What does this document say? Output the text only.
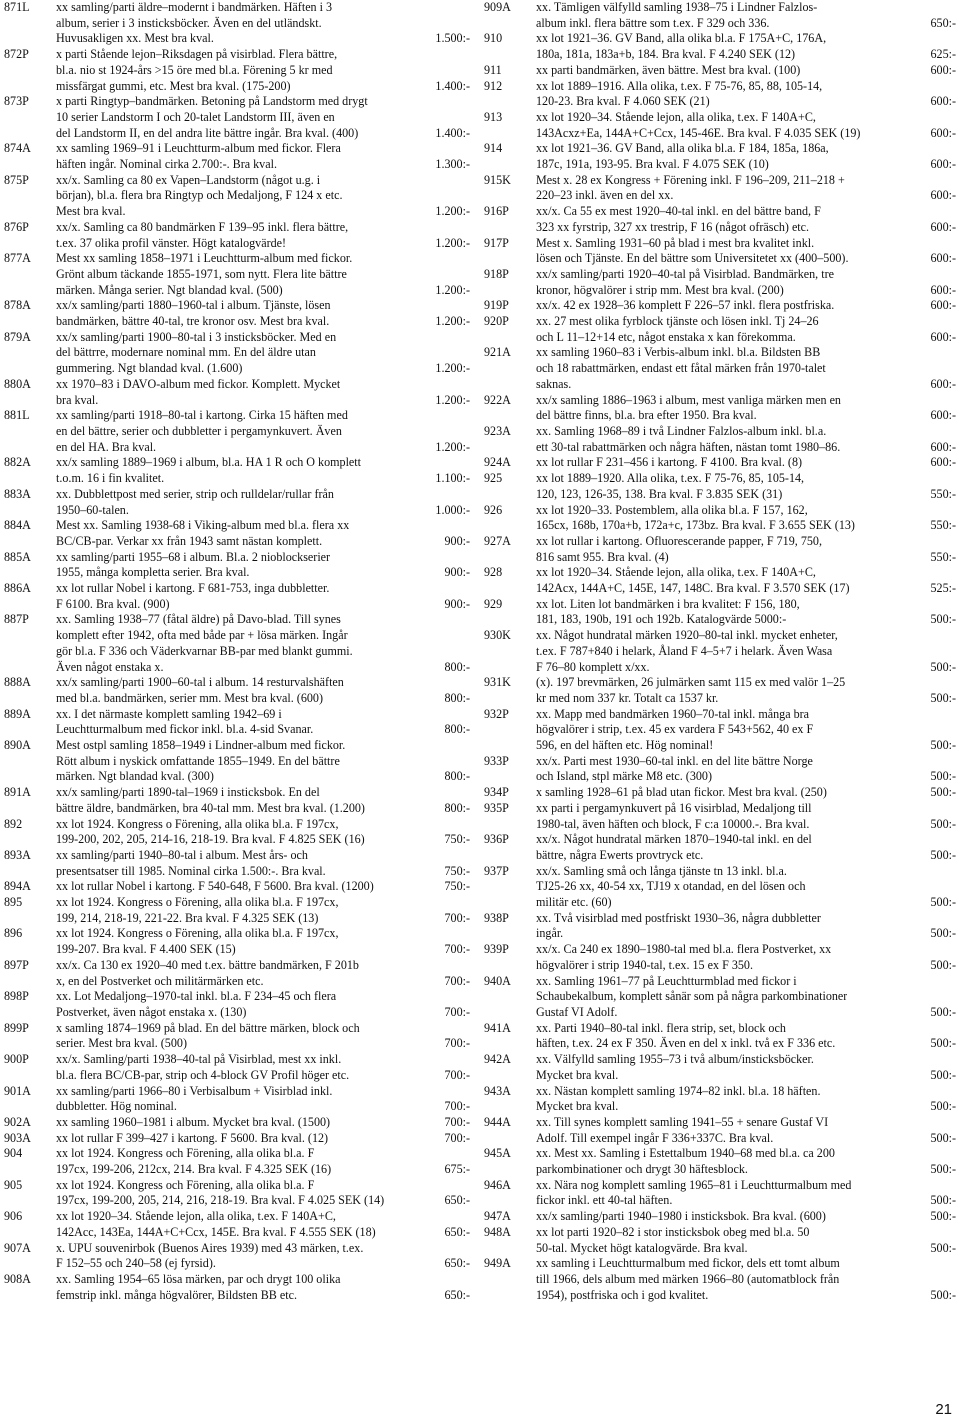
871L	xx samling/parti äldre–modernt i bandmärken. Häften i 3
album, serier i 3 insticksböcker. Även en del utländskt.
Huvusakligen xx. Mest bra kval.	1.500:-
872P	x parti Stående lejon–Riksdagen på visirblad. Flera bättre,
bl.a. nio st 1924-års >15 öre med bl.a. Förening 5 kr med
missfärgat gummi, etc. Mest bra kval. (175-200)	1.400:-
873P	x parti Ringtyp–bandmärken. Betoning på Landstorm med drygt
10 serier Landstorm I och 20-talet Landstorm III, även en
del Landstorm II, en del andra lite bättre ingår. Bra kval. (400)	1.400:-
874A	xx samling 1969–91 i Leuchtturm-album med fickor. Flera
häften ingår. Nominal cirka 2.700:-. Bra kval.	1.300:-
875P	xx/x. Samling ca 80 ex Vapen–Landstorm (något u.g. i
början), bl.a. flera bra Ringtyp och Medaljong, F 124 x etc.
Mest bra kval.	1.200:-
876P	xx/x. Samling ca 80 bandmärken F 139–95 inkl. flera bättre,
t.ex. 37 olika profil vänster. Högt katalogvärde!	1.200:-
877A	Mest xx samling 1858–1971 i Leuchtturm-album med fickor.
Grönt album täckande 1855-1971, som nytt. Flera lite bättre
märken. Många serier. Ngt blandad kval. (500)	1.200:-
878A	xx/x samling/parti 1880–1960-tal i album. Tjänste, lösen
bandmärken, bättre 40-tal, tre kronor osv. Mest bra kval.	1.200:-
879A	xx/x samling/parti 1900–80-tal i 3 insticksböcker. Med en
del bättrre, modernare nominal mm. En del äldre utan
gummering. Ngt blandad kval. (1.600)	1.200:-
880A	xx 1970–83 i DAVO-album med fickor. Komplett. Mycket
bra kval.	1.200:-
881L	xx samling/parti 1918–80-tal i kartong. Cirka 15 häften med
en del bättre, serier och dubbletter i pergamynkuvert. Även
en del HA. Bra kval.	1.200:-
882A	xx/x samling 1889–1969 i album, bl.a. HA 1 R och O komplett
t.o.m. 16 i fin kvalitet.	1.100:-
883A	xx. Dubblettpost med serier, strip och rulldelar/rullar från
1950–60-talen.	1.000:-
884A	Mest xx. Samling 1938-68 i Viking-album med bl.a. flera xx
BC/CB-par. Verkar xx från 1943 samt nästan komplett.	900:-
885A	xx samling/parti 1955–68 i album. Bl.a. 2 nioblockserier
1955, många kompletta serier. Bra kval.	900:-
886A	xx lot rullar Nobel i kartong. F 681-753, inga dubbletter.
F 6100. Bra kval. (900)	900:-
887P	xx. Samling 1938–77 (fåtal äldre) på Davo-blad. Till synes
komplett efter 1942, ofta med både par + lösa märken. Ingår
gör bl.a. F 336 och Väderkvarnar BB-par med blankt gummi.
Även något enstaka x.	800:-
888A	xx/x samling/parti 1900–60-tal i album. 14 resturvalshäften
med bl.a. bandmärken, serier mm. Mest bra kval. (600)	800:-
889A	xx. I det närmaste komplett samling 1942–69 i
Leuchtturmalbum med fickor inkl. bl.a. 4-sid Svanar.	800:-
890A	Mest ostpl samling 1858–1949 i Lindner-album med fickor.
Rött album i nyskick omfattande 1855–1949. En del bättre
märken. Ngt blandad kval. (300)	800:-
891A	xx/x samling/parti 1890-tal–1969 i insticksbok. En del
bättre äldre, bandmärken, bra 40-tal mm. Mest bra kval. (1.200)	800:-
892	xx lot 1924. Kongress o Förening, alla olika bl.a. F 197cx,
199-200, 202, 205, 214-16, 218-19. Bra kval. F 4.825 SEK (16)	750:-
893A	xx samling/parti 1940–80-tal i album. Mest års- och
presentsatser till 1985. Nominal cirka 1.500:-. Bra kval.	750:-
894A	xx lot rullar Nobel i kartong. F 540-648, F 5600. Bra kval. (1200)	750:-
895	xx lot 1924. Kongress o Förening, alla olika bl.a. F 197cx,
199, 214, 218-19, 221-22. Bra kval. F 4.325 SEK (13)	700:-
896	xx lot 1924. Kongress o Förening, alla olika bl.a. F 197cx,
199-207. Bra kval. F 4.400 SEK (15)	700:-
897P	xx/x. Ca 130 ex 1920–40 med t.ex. bättre bandmärken, F 201b
x, en del Postverket och militärmärken etc.	700:-
898P	xx. Lot Medaljong–1970-tal inkl. bl.a. F 234–45 och flera
Postverket, även något enstaka x. (130)	700:-
899P	x samling 1874–1969 på blad. En del bättre märken, block och
serier. Mest bra kval. (500)	700:-
900P	xx/x. Samling/parti 1938–40-tal på Visirblad, mest xx inkl.
bl.a. flera BC/CB-par, strip och 4-block GV Profil höger etc.	700:-
901A	xx samling/parti 1966–80 i Verbisalbum + Visirblad inkl.
dubbletter. Hög nominal.	700:-
902A	xx samling 1960–1981 i album. Mycket bra kval. (1500)	700:-
903A	xx lot rullar F 399–427 i kartong. F 5600. Bra kval. (12)	700:-
904	xx lot 1924. Kongress och Förening, alla olika bl.a. F
197cx, 199-206, 212cx, 214. Bra kval. F 4.325 SEK (16)	675:-
905	xx lot 1924. Kongress och Förening, alla olika bl.a. F
197cx, 199-200, 205, 214, 216, 218-19. Bra kval. F 4.025 SEK (14)	650:-
906	xx lot 1920–34. Stående lejon, alla olika, t.ex. F 140A+C,
142Acc, 143Ea, 144A+C+Ccx, 145E. Bra kval. F 4.555 SEK (18)	650:-
907A	x. UPU souvenirbok (Buenos Aires 1939) med 43 märken, t.ex.
F 152–55 och 240–58 (ej fyrsid).	650:-
908A	xx. Samling 1954–65 lösa märken, par och drygt 100 olika
femstrip inkl. många högvalörer, Bildsten BB etc.	650:-
909A	xx. Tämligen välfylld samling 1938–75 i Lindner Falzlos-
album inkl. flera bättre som t.ex. F 329 och 336.	650:-
910	xx lot 1921–36. GV Band, alla olika bl.a. F 175A+C, 176A,
180a, 181a, 183a+b, 184. Bra kval. F 4.240 SEK (12)	625:-
911	xx parti bandmärken, även bättre. Mest bra kval. (100)	600:-
912	xx lot 1889–1916. Alla olika, t.ex. F 75-76, 85, 88, 105-14,
120-23. Bra kval. F 4.060 SEK (21)	600:-
913	xx lot 1920–34. Stående lejon, alla olika, t.ex. F 140A+C,
143Acxz+Ea, 144A+C+Ccx, 145-46E. Bra kval. F 4.035 SEK (19)	600:-
914	xx lot 1921–36. GV Band, alla olika bl.a. F 184, 185a, 186a,
187c, 191a, 193-95. Bra kval. F 4.075 SEK (10)	600:-
915K	Mest x. 28 ex Kongress + Förening inkl. F 196–209, 211–218 +
220–23 inkl. även en del xx.	600:-
916P	xx/x. Ca 55 ex mest 1920–40-tal inkl. en del bättre band, F
323 xx fyrstrip, 327 xx trestrip, F 16 (något ofräsch) etc.	600:-
917P	Mest x. Samling 1931–60 på blad i mest bra kvalitet inkl.
lösen och Tjänste. En del bättre som Universitetet xx (400–500).	600:-
918P	xx/x samling/parti 1920–40-tal på Visirblad. Bandmärken, tre
kronor, högvalörer i strip mm. Mest bra kval. (200)	600:-
919P	xx/x. 42 ex 1928–36 komplett F 226–57 inkl. flera postfriska.	600:-
920P	xx. 27 mest olika fyrblock tjänste och lösen inkl. Tj 24–26
och L 11–12+14 etc, något enstaka x kan förekomma.	600:-
921A	xx samling 1960–83 i Verbis-album inkl. bl.a. Bildsten BB
och 18 rabattmärken, endast ett fåtal märken från 1970-talet
saknas.	600:-
922A	xx/x samling 1886–1963 i album, mest vanliga märken men en
del bättre finns, bl.a. bra efter 1950. Bra kval.	600:-
923A	xx. Samling 1968–89 i två Lindner Falzlos-album inkl. bl.a.
ett 30-tal rabattmärken och några häften, nästan tomt 1980–86.	600:-
924A	xx lot rullar F 231–456 i kartong. F 4100. Bra kval. (8)	600:-
925	xx lot 1889–1920. Alla olika, t.ex. F 75-76, 85, 105-14,
120, 123, 126-35, 138. Bra kval. F 3.835 SEK (31)	550:-
926	xx lot 1920–33. Postemblem, alla olika bl.a. F 157, 162,
165cx, 168b, 170a+b, 172a+c, 173bz. Bra kval. F 3.655 SEK (13)	550:-
927A	xx lot rullar i kartong. Ofluorescerande papper, F 719, 750,
816 samt 955. Bra kval. (4)	550:-
928	xx lot 1920–34. Stående lejon, alla olika, t.ex. F 140A+C,
142Acx, 144A+C, 145E, 147, 148C. Bra kval. F 3.570 SEK (17)	525:-
929	xx lot. Liten lot bandmärken i bra kvalitet: F 156, 180,
181, 183, 190b, 191 och 192b. Katalogvärde 5000:-	500:-
930K	xx. Något hundratal märken 1920–80-tal inkl. mycket enheter,
t.ex. F 787+840 i helark, Åland F 4–5+7 i helark. Även Wasa
F 76–80 komplett x/xx.	500:-
931K	(x). 197 brevmärken, 26 julmärken samt 115 ex med valör 1–25
kr med nom 337 kr. Totalt ca 1537 kr.	500:-
932P	xx. Mapp med bandmärken 1960–70-tal inkl. många bra
högvalörer i strip, t.ex. 45 ex vardera F 543+562, 40 ex F
596, en del häften etc. Hög nominal!	500:-
933P	xx/x. Parti mest 1930–60-tal inkl. en del lite bättre Norge
och Island, stpl märke M8 etc. (300)	500:-
934P	x samling 1928–61 på blad utan fickor. Mest bra kval. (250)	500:-
935P	xx parti i pergamynkuvert på 16 visirblad, Medaljong till
1980-tal, även häften och block, F c:a 10000.-. Bra kval.	500:-
936P	xx/x. Något hundratal märken 1870–1940-tal inkl. en del
bättre, några Ewerts provtryck etc.	500:-
937P	xx/x. Samling små och långa tjänste tn 13 inkl. bl.a.
TJ25-26 xx, 40-54 xx, TJ19 x otandad, en del lösen och
militär etc. (60)	500:-
938P	xx. Två visirblad med postfriskt 1930–36, några dubbletter
ingår.	500:-
939P	xx/x. Ca 240 ex 1890–1980-tal med bl.a. flera Postverket, xx
högvalörer i strip 1940-tal, t.ex. 15 ex F 350.	500:-
940A	xx. Samling 1961–77 på Leuchtturmblad med fickor i
Schaubekalbum, komplett sånär som på några parkombinationer
Gustaf VI Adolf.	500:-
941A	xx. Parti 1940–80-tal inkl. flera strip, set, block och
häften, t.ex. 24 ex F 350. Även en del x inkl. två ex F 336 etc.	500:-
942A	xx. Välfylld samling 1955–73 i två album/insticksböcker.
Mycket bra kval.	500:-
943A	xx. Nästan komplett samling 1974–82 inkl. bl.a. 18 häften.
Mycket bra kval.	500:-
944A	xx. Till synes komplett samling 1941–55 + senare Gustaf VI
Adolf. Till exempel ingår F 336+337C. Bra kval.	500:-
945A	xx. Mest xx. Samling i Estettalbum 1940–68 med bl.a. ca 200
parkombinationer och drygt 30 häftesblock.	500:-
946A	xx. Nära nog komplett samling 1965–81 i Leuchtturmalbum med
fickor inkl. ett 40-tal häften.	500:-
947A	xx/x samling/parti 1940–1980 i insticksbok. Bra kval. (600)	500:-
948A	xx lot parti 1920–82 i stor insticksbok obeg med bl.a. 50
50-tal. Mycket högt katalogvärde. Bra kval.	500:-
949A	xx samling i Leuchtturmalbum med fickor, dels ett tomt album
till 1966, dels album med märken 1966–80 (automatblock från
1954), postfriska och i god kvalitet.	500:-
21
